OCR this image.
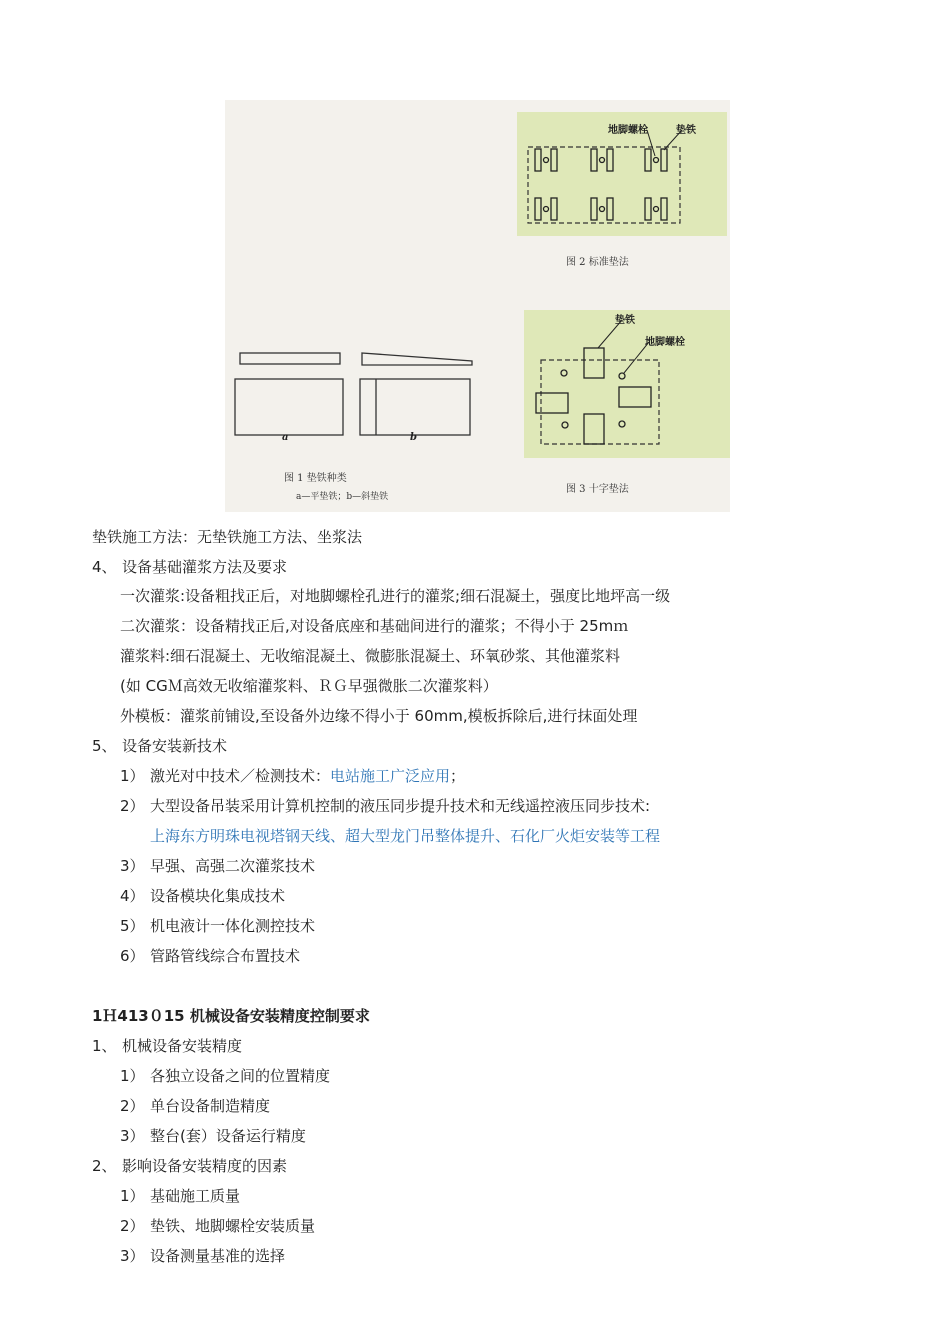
a	b
图 1 垫铁种类
a—平垫铁；b—斜垫铁
地脚螺栓	垫铁
图 2 标准垫法
垫铁
地脚螺栓
图 3 十字垫法
垫铁施工方法：无垫铁施工方法、坐浆法
4、 设备基础灌浆方法及要求
一次灌浆:设备粗找正后，对地脚螺栓孔进行的灌浆;细石混凝土，强度比地坪高一级
二次灌浆：设备精找正后,对设备底座和基础间进行的灌浆；不得小于 25mｍ
灌浆料:细石混凝土、无收缩混凝土、微膨胀混凝土、环氧砂浆、其他灌浆料
(如 CGＭ高效无收缩灌浆料、ＲＧ早强微胀二次灌浆料）
外模板：灌浆前铺设,至设备外边缘不得小于 60mm,模板拆除后,进行抹面处理
5、 设备安装新技术
1） 激光对中技术／检测技术：电站施工广泛应用；
2） 大型设备吊装采用计算机控制的液压同步提升技术和无线遥控液压同步技术:
上海东方明珠电视塔钢天线、超大型龙门吊整体提升、石化厂火炬安装等工程
3） 早强、高强二次灌浆技术
4） 设备模块化集成技术
5） 机电液计一体化测控技术
6） 管路管线综合布置技术
1Ｈ413０15 机械设备安装精度控制要求
1、 机械设备安装精度
1） 各独立设备之间的位置精度
2） 单台设备制造精度
3） 整台(套）设备运行精度
2、 影响设备安装精度的因素
1） 基础施工质量
2） 垫铁、地脚螺栓安装质量
3） 设备测量基准的选择
